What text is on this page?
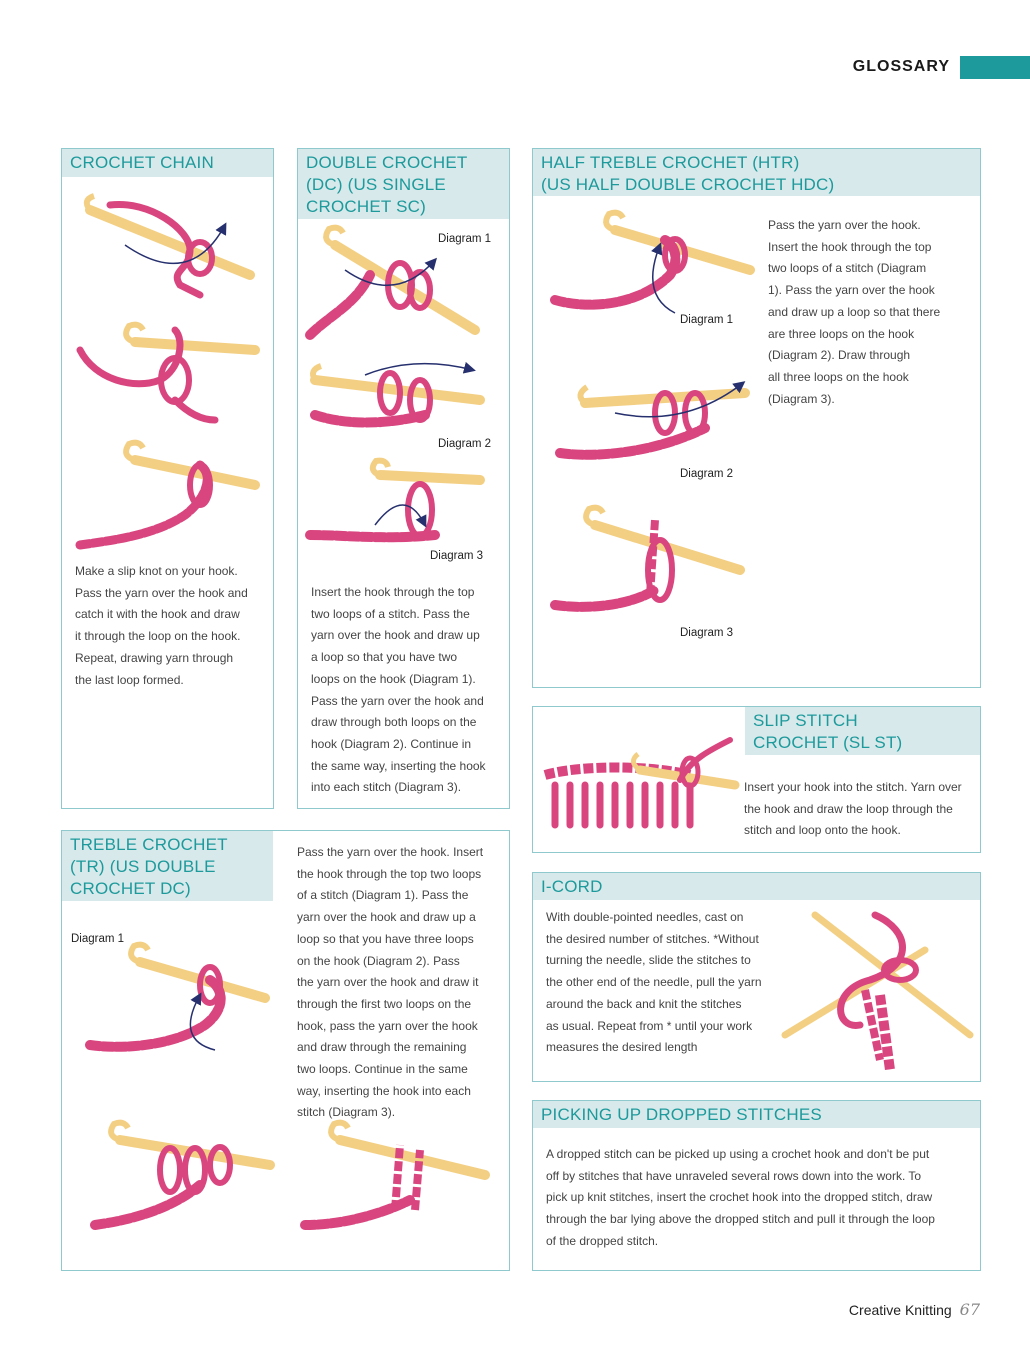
GLOSSARY
CROCHET CHAIN
Make a slip knot on your hook.
Pass the yarn over the hook and
catch it with the hook and draw
it through the loop on the hook.
Repeat, drawing yarn through
the last loop formed.
DOUBLE CROCHET
(DC) (US SINGLE
CROCHET SC)
Diagram 1
Diagram 2
Diagram 3
Insert the hook through the top
two loops of a stitch. Pass the
yarn over the hook and draw up
a loop so that you have two
loops on the hook (Diagram 1).
Pass the yarn over the hook and
draw through both loops on the
hook (Diagram 2). Continue in
the same way, inserting the hook
into each stitch (Diagram 3).
HALF TREBLE CROCHET (HTR)
(US HALF DOUBLE CROCHET HDC)
Diagram 1
Diagram 2
Diagram 3
Pass the yarn over the hook.
Insert the hook through the top
two loops of a stitch (Diagram
1). Pass the yarn over the hook
and draw up a loop so that there
are three loops on the hook
(Diagram 2). Draw through
all three loops on the hook
(Diagram 3).
SLIP STITCH
CROCHET (SL ST)
Insert your hook into the stitch. Yarn over
the hook and draw the loop through the
stitch and loop onto the hook.
TREBLE CROCHET
(TR) (US DOUBLE
CROCHET DC)
Diagram 1
Pass the yarn over the hook. Insert
the hook through the top two loops
of a stitch (Diagram 1). Pass the
yarn over the hook and draw up a
loop so that you have three loops
on the hook (Diagram 2). Pass
the yarn over the hook and draw it
through the first two loops on the
hook, pass the yarn over the hook
and draw through the remaining
two loops. Continue in the same
way, inserting the hook into each
stitch (Diagram 3).
I-CORD
With double-pointed needles, cast on
the desired number of stitches. *Without
turning the needle, slide the stitches to
the other end of the needle, pull the yarn
around the back and knit the stitches
as usual. Repeat from * until your work
measures the desired length
PICKING UP DROPPED STITCHES
A dropped stitch can be picked up using a crochet hook and don't be put
off by stitches that have unraveled several rows down into the work. To
pick up knit stitches, insert the crochet hook into the dropped stitch, draw
through the bar lying above the dropped stitch and pull it through the loop
of the dropped stitch.
Creative Knitting 67
